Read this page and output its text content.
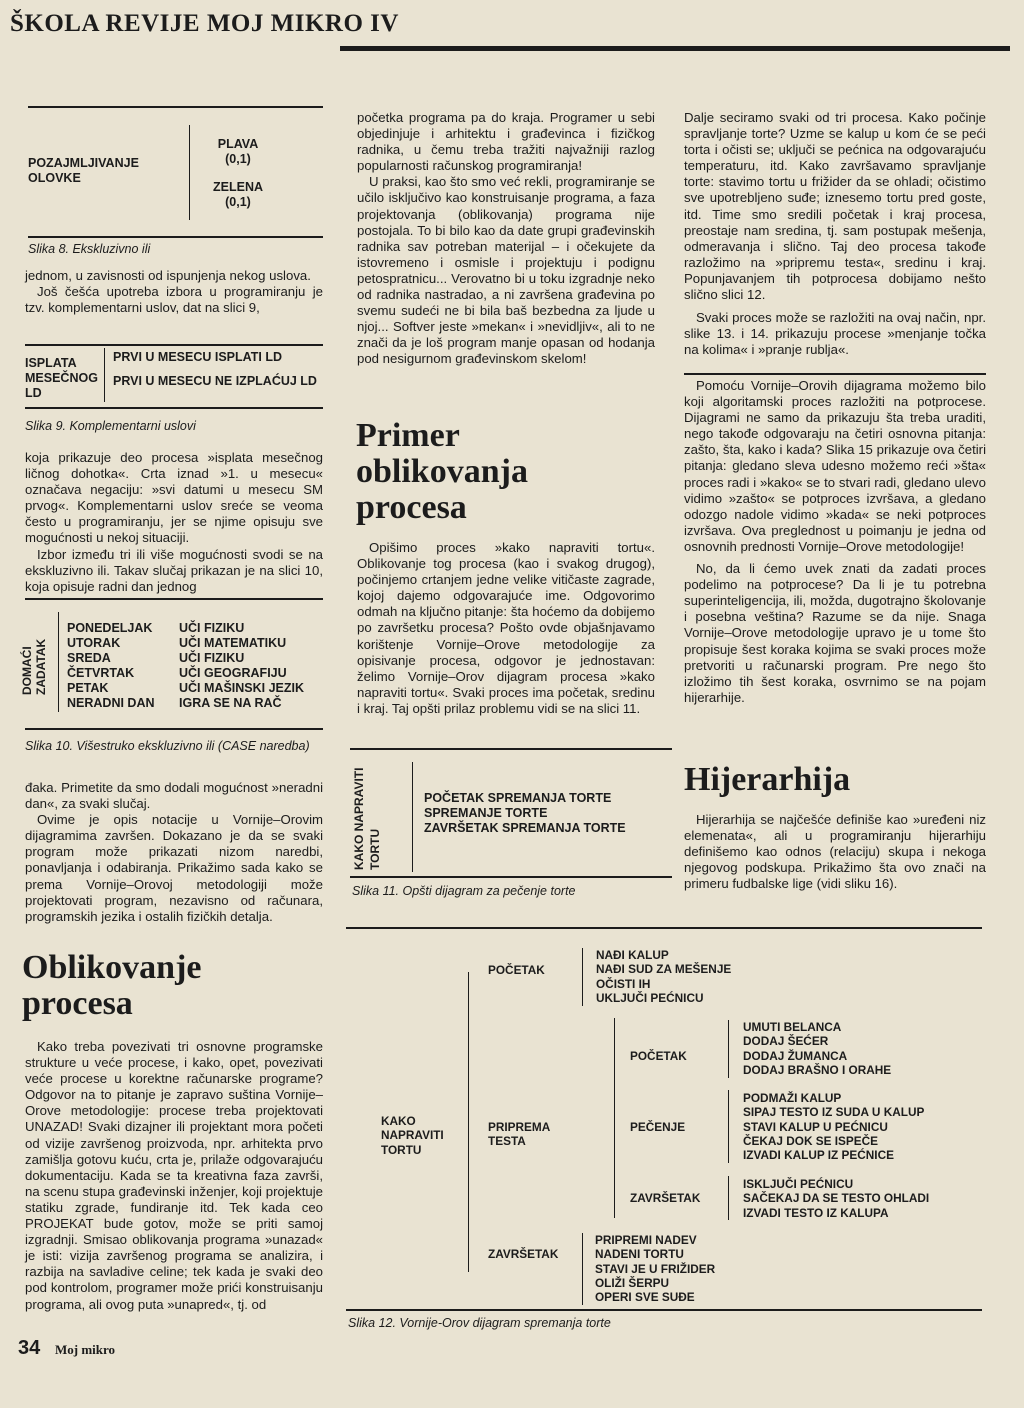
ŠKOLA REVIJE MOJ MIKRO IV
POZAJMLJIVANJE
OLOVKE
PLAVA
(0,1)
ZELENA
(0,1)
Slika 8. Ekskluzivno ili

jednom, u zavisnosti od ispunjenja nekog uslova.

Još češća upotreba izbora u programiranju je tzv. komplementarni uslov, dat na slici 9,

ISPLATA
MESEČNOG
LD
PRVI U MESECU ISPLATI LD
PRVI U MESECU NE IZPLAĆUJ LD
Slika 9. Komplementarni uslovi

koja prikazuje deo procesa »isplata mesečnog ličnog dohotka«. Crta iznad »1. u mesecu« označava negaciju: »svi datumi u mesecu SM prvog«. Komplementarni uslov sreće se veoma često u programiranju, jer se njime opisuju sve mogućnosti u nekoj situaciji.

Izbor između tri ili više mogućnosti svodi se na ekskluzivno ili. Takav slučaj prikazan je na slici 10, koja opisuje radni dan jednog

DOMAĆI ZADATAK
PONEDELJAK
UTORAK
SREDA
ČETVRTAK
PETAK
NERADNI DAN
UČI FIZIKU
UČI MATEMATIKU
UČI FIZIKU
UČI GEOGRAFIJU
UČI MAŠINSKI JEZIK
IGRA SE NA RAČ
Slika 10. Višestruko ekskluzivno ili (CASE naredba)

đaka. Primetite da smo dodali mogućnost »neradni dan«, za svaki slučaj.

Ovime je opis notacije u Vornije–Orovim dijagramima završen. Dokazano je da se svaki program može prikazati nizom naredbi, ponavljanja i odabiranja. Prikažimo sada kako se prema Vornije–Orovoj metodologiji može projektovati program, nezavisno od računara, programskih jezika i ostalih fizičkih detalja.

Oblikovanje
procesa

Kako treba povezivati tri osnovne programske strukture u veće procese, i kako, opet, povezivati veće procese u korektne računarske programe? Odgovor na to pitanje je zapravo suština Vornije–Orove metodologije: procese treba projektovati UNAZAD! Svaki dizajner ili projektant mora početi od vizije završenog proizvoda, npr. arhitekta prvo zamišlja gotovu kuću, crta je, prilaže odgovarajuću dokumentaciju. Kada se ta kreativna faza završi, na scenu stupa građevinski inženjer, koji projektuje statiku zgrade, fundiranje itd. Tek kada ceo PROJEKAT bude gotov, može se priti samoj izgradnji. Smisao oblikovanja programa »unazad« je isti: vizija završenog programa se analizira, i razbija na savladive celine; tek kada je svaki deo pod kontrolom, programer može prići konstruisanju programa, ali ovog puta »unapred«, tj. od

početka programa pa do kraja. Programer u sebi objedinjuje i arhitektu i građevinca i fizičkog radnika, u čemu treba tražiti najvažniji razlog popularnosti računskog programiranja!

U praksi, kao što smo već rekli, programiranje se učilo isključivo kao konstruisanje programa, a faza projektovanja (oblikovanja) programa nije postojala. To bi bilo kao da date grupi građevinskih radnika sav potreban materijal – i očekujete da istovremeno i osmisle i projektuju i podignu petospratnicu... Verovatno bi u toku izgradnje neko od radnika nastradao, a ni završena građevina po svemu sudeći ne bi bila baš bezbedna za ljude u njoj... Softver jeste »mekan« i »nevidljiv«, ali to ne znači da je loš program manje opasan od hodanja pod nesigurnom građevinskom skelom!

Primer
oblikovanja
procesa

Opišimo proces »kako napraviti tortu«. Oblikovanje tog procesa (kao i svakog drugog), počinjemo crtanjem jedne velike vitičaste zagrade, kojoj dajemo odgovarajuće ime. Odgovorimo odmah na ključno pitanje: šta hoćemo da dobijemo po završetku procesa? Pošto ovde objašnjavamo korištenje Vornije–Orove metodologije za opisivanje procesa, odgovor je jednostavan: želimo Vornije–Orov dijagram procesa »kako napraviti tortu«. Svaki proces ima početak, sredinu i kraj. Taj opšti prilaz problemu vidi se na slici 11.

KAKO NAPRAVITI TORTU
POČETAK SPREMANJA TORTE
SPREMANJE TORTE
ZAVRŠETAK SPREMANJA TORTE
Slika 11. Opšti dijagram za pečenje torte

Dalje seciramo svaki od tri procesa. Kako počinje spravljanje torte? Uzme se kalup u kom će se peći torta i očisti se; uključi se pećnica na odgovarajuću temperaturu, itd. Kako završavamo spravljanje torte: stavimo tortu u frižider da se ohladi; očistimo sve upotrebljeno suđe; iznesemo tortu pred goste, itd. Time smo sredili početak i kraj procesa, preostaje nam sredina, tj. sam postupak mešenja, odmeravanja i slično. Taj deo procesa takođe razložimo na »pripremu testa«, sredinu i kraj. Popunjavanjem tih potprocesa dobijamo nešto slično slici 12.

Svaki proces može se razložiti na ovaj način, npr. slike 13. i 14. prikazuju procese »menjanje točka na kolima« i »pranje rublja«.

Pomoću Vornije–Orovih dijagrama možemo bilo koji algoritamski proces razložiti na potprocese. Dijagrami ne samo da prikazuju šta treba uraditi, nego takođe odgovaraju na četiri osnovna pitanja: zašto, šta, kako i kada? Slika 15 prikazuje ova četiri pitanja: gledano sleva udesno možemo reći »šta« proces radi i »kako« se to stvari radi, gledano ulevo vidimo »zašto« se potproces izvršava, a gledano odozgo nadole vidimo »kada« se neki potproces izvršava. Ova preglednost u poimanju je jedna od osnovnih prednosti Vornije–Orove metodologije!

No, da li ćemo uvek znati da zadati proces podelimo na potprocese? Da li je tu potrebna superinteligencija, ili, možda, dugotrajno školovanje i posebna veština? Razume se da nije. Snaga Vornije–Orove metodologije upravo je u tome što propisuje šest koraka kojima se svaki proces može pretvoriti u računarski program. Pre nego što izložimo tih šest koraka, osvrnimo se na pojam hijerarhije.

Hijerarhija

Hijerarhija se najčešće definiše kao »uređeni niz elemenata«, ali u programiranju hijerarhiju definišemo kao odnos (relaciju) skupa i nekoga njegovog podskupa. Prikažimo šta ovo znači na primeru fudbalske lige (vidi sliku 16).

KAKO
NAPRAVITI
TORTU
POČETAK
PRIPREMA
TESTA
ZAVRŠETAK
NAĐI KALUP
NAĐI SUD ZA MEŠENJE
OČISTI IH
UKLJUČI PEĆNICU
POČETAK
PEČENJE
ZAVRŠETAK
UMUTI BELANCA
DODAJ ŠEĆER
DODAJ ŽUMANCA
DODAJ BRAŠNO I ORAHE
PODMAŽI KALUP
SIPAJ TESTO IZ SUDA U KALUP
STAVI KALUP U PEĆNICU
ČEKAJ DOK SE ISPEČE
IZVADI KALUP IZ PEĆNICE
ISKLJUČI PEĆNICU
SAČEKAJ DA SE TESTO OHLADI
IZVADI TESTO IZ KALUPA
PRIPREMI NADEV
NADENI TORTU
STAVI JE U FRIŽIDER
OLIŽI ŠERPU
OPERI SVE SUĐE
Slika 12. Vornije-Orov dijagram spremanja torte
34 Moj mikro
